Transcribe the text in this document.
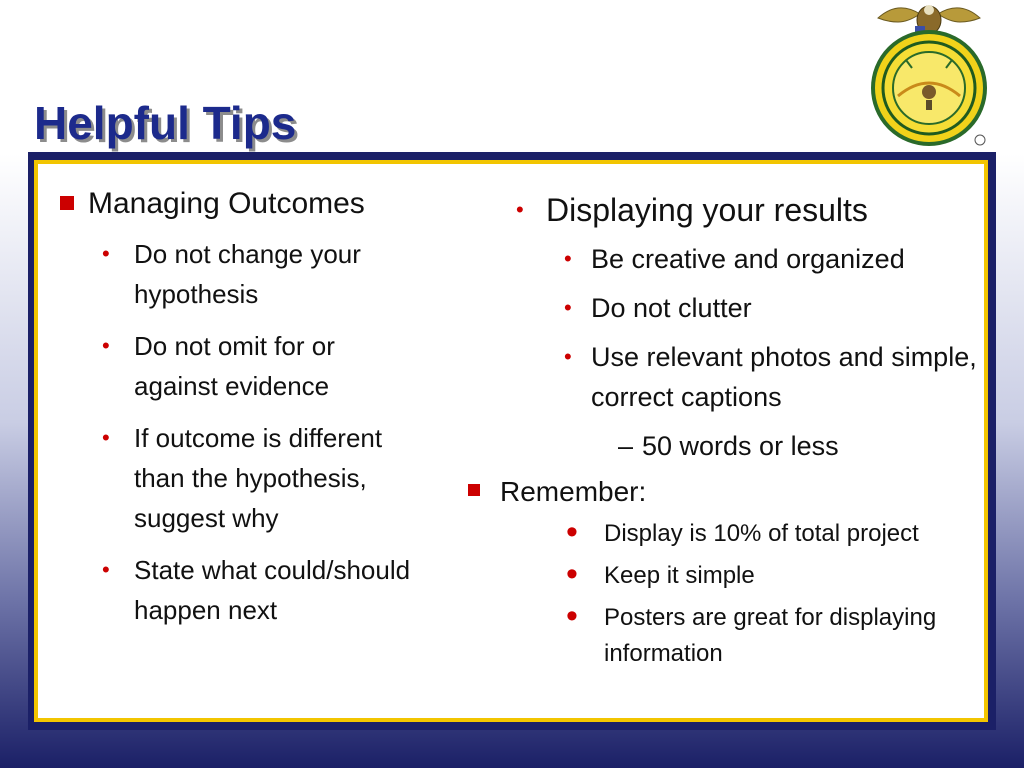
Helpful Tips
Managing Outcomes
• Do not change your hypothesis
• Do not omit for or against evidence
• If outcome is different than the hypothesis, suggest why
• State what could/should happen next
• Displaying your results
• Be creative and organized
• Do not clutter
• Use relevant photos and simple, correct captions
– 50 words or less
Remember:
• Display is 10% of total project
• Keep it simple
• Posters are great for displaying information
